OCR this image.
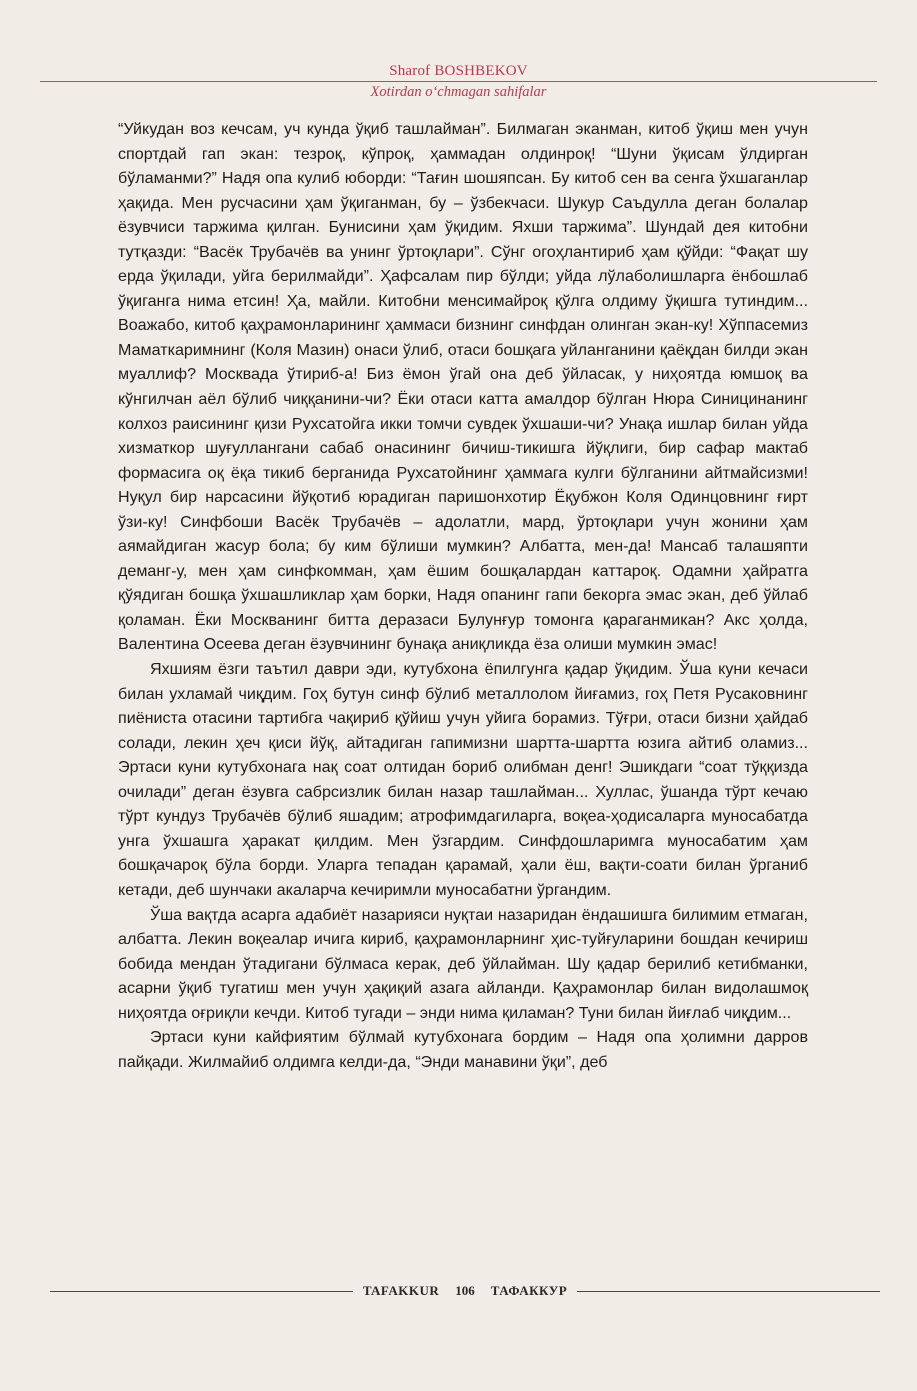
Sharof BOSHBEKOV
Xotirdan o‘chmagan sahifalar

“Уйкудан воз кечсам, уч кунда ўқиб ташлайман”. Билмаган эканман, китоб ўқиш мен учун спортдай гап экан: тезроқ, кўпроқ, ҳаммадан олдинроқ! “Шуни ўқисам ўлдирган бўламанми?” Надя опа кулиб юборди: “Тағин шошяпсан. Бу китоб сен ва сенга ўхшаганлар ҳақида. Мен русчасини ҳам ўқиганман, бу – ўзбекчаси. Шукур Саъдулла деган болалар ёзувчиси таржима қилган. Бунисини ҳам ўқидим. Яхши таржима”. Шундай дея китобни тутқазди: “Васёк Трубачёв ва унинг ўртоқлари”. Сўнг огоҳлантириб ҳам қўйди: “Фақат шу ерда ўқилади, уйга берилмайди”. Ҳафсалам пир бўлди; уйда лўлаболишларга ёнбошлаб ўқиганга нима етсин! Ҳа, майли. Китобни менсимайроқ қўлга олдиму ўқишга тутиндим... Воажабо, китоб қаҳрамонларининг ҳаммаси бизнинг синфдан олинган экан-ку! Хўппасемиз Маматкаримнинг (Коля Мазин) онаси ўлиб, отаси бошқага уйланганини қаёқдан билди экан муаллиф? Москвада ўтириб-а! Биз ёмон ўгай она деб ўйласак, у ниҳоятда юмшоқ ва кўнгилчан аёл бўлиб чиққанини-чи? Ёки отаси катта амалдор бўлган Нюра Синицинанинг колхоз раисининг қизи Рухсатойга икки томчи сувдек ўхшаши-чи? Унақа ишлар билан уйда хизматкор шуғуллангани сабаб онасининг бичиш-тикишга йўқлиги, бир сафар мактаб формасига оқ ёқа тикиб берганида Рухсатойнинг ҳаммага кулги бўлганини айтмайсизми! Нуқул бир нарсасини йўқотиб юрадиган паришонхотир Ёқубжон Коля Одинцовнинг ғирт ўзи-ку! Синфбоши Васёк Трубачёв – адолатли, мард, ўртоқлари учун жонини ҳам аямайдиган жасур бола; бу ким бўлиши мумкин? Албатта, мен-да! Мансаб талашяпти деманг-у, мен ҳам синфкомман, ҳам ёшим бошқалардан каттароқ. Одамни ҳайратга қўядиган бошқа ўхшашликлар ҳам борки, Надя опанинг гапи бекорга эмас экан, деб ўйлаб қоламан. Ёки Москванинг битта деразаси Булунғур томонга қараганмикан? Акс ҳолда, Валентина Осеева деган ёзувчининг бунақа аниқликда ёза олиши мумкин эмас!

Яхшиям ёзги таътил даври эди, кутубхона ёпилгунга қадар ўқидим. Ўша куни кечаси билан ухламай чиқдим. Гоҳ бутун синф бўлиб металлолом йиғамиз, гоҳ Петя Русаковнинг пиёниста отасини тартибга чақириб қўйиш учун уйига борамиз. Тўғри, отаси бизни ҳайдаб солади, лекин ҳеч қиси йўқ, айтадиган гапимизни шартта-шартта юзига айтиб оламиз... Эртаси куни кутубхонага нақ соат олтидан бориб олибман денг! Эшикдаги “соат тўққизда очилади” деган ёзувга сабрсизлик билан назар ташлайман... Хуллас, ўшанда тўрт кечаю тўрт кундуз Трубачёв бўлиб яшадим; атрофимдагиларга, воқеа-ҳодисаларга муносабатда унга ўхшашга ҳаракат қилдим. Мен ўзгардим. Синфдошларимга муносабатим ҳам бошқачароқ бўла борди. Уларга тепадан қарамай, ҳали ёш, вақти-соати билан ўрганиб кетади, деб шунчаки акаларча кечиримли муносабатни ўргандим.

Ўша вақтда асарга адабиёт назарияси нуқтаи назаридан ёндашишга билимим етмаган, албатта. Лекин воқеалар ичига кириб, қаҳрамонларнинг ҳис-туйғуларини бошдан кечириш бобида мендан ўтадигани бўлмаса керак, деб ўйлайман. Шу қадар берилиб кетибманки, асарни ўқиб тугатиш мен учун ҳақиқий азага айланди. Қаҳрамонлар билан видолашмоқ ниҳоятда оғриқли кечди. Китоб тугади – энди нима қиламан? Туни билан йиғлаб чиқдим...

Эртаси куни кайфиятим бўлмай кутубхонага бордим – Надя опа ҳолимни дарров пайқади. Жилмайиб олдимга келди-да, “Энди манавини ўқи”, деб

TAFAKKUR	106	ТАФАККУР
